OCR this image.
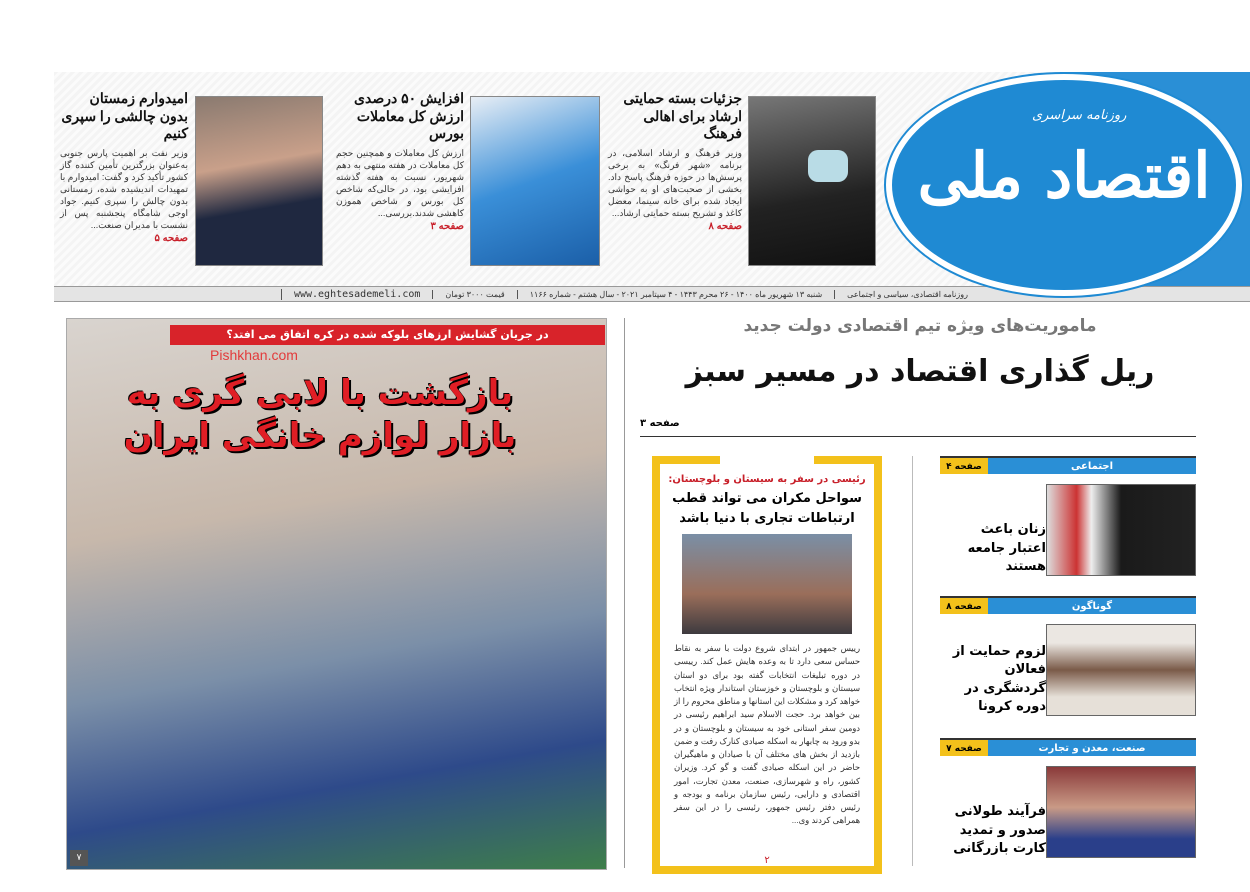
روزنامه سراسری
اقتصاد ملی
جزئیات بسته حمایتی ارشاد برای اهالی فرهنگ

وزیر فرهنگ و ارشاد اسلامی، در برنامه «شهر فرنگ» به برخی پرسش‌ها در حوزه فرهنگ پاسخ داد. بخشی از صحبت‌های او به حواشی ایجاد شده برای خانه سینما، معضل کاغذ و تشریح بسته حمایتی ارشاد...

صفحه ۸
افزایش ۵۰ درصدی ارزش کل معاملات بورس

ارزش کل معاملات و همچنین حجم کل معاملات در هفته منتهی به دهم شهریور، نسبت به هفته گذشته افزایشی بود، در حالی‌که شاخص کل بورس و شاخص هموزن کاهشی شدند.بررسی...

صفحه ۳
امیدوارم زمستان بدون چالشی را سپری کنیم

وزیر نفت بر اهمیت پارس جنوبی به‌عنوان بزرگترین تأمین کننده گاز کشور تأکید کرد و گفت: امیدوارم با تمهیدات اندیشیده شده، زمستانی بدون چالش را سپری کنیم. جواد اوجی شامگاه پنجشنبه پس از نشست با مدیران صنعت...

صفحه ۵
روزنامه اقتصادی، سیاسی و اجتماعی
شنبه ۱۳ شهریور ماه ۱۴۰۰ - ۲۶ محرم ۱۴۴۳ - ۴ سپتامبر ۲۰۲۱ - سال هشتم - شماره ۱۱۶۶
قیمت ۳۰۰۰ تومان
www.eghtesademeli.com
در جریان گشایش ارزهای بلوکه شده در کره اتفاق می افتد؟
Pishkhan.com
بازگشت با لابی گری به بازار لوازم خانگی ایران
۷
ماموریت‌های ویژه تیم اقتصادی دولت جدید
ریل گذاری اقتصاد در مسیر سبز
صفحه ۳
رئیسی در سفر به سیستان و بلوچستان:
سواحل مکران می تواند قطب ارتباطات تجاری با دنیا باشد

رییس جمهور در ابتدای شروع دولت با سفر به نقاط حساس سعی دارد تا به وعده هایش عمل کند. رییسی در دوره تبلیغات انتخابات گفته بود برای دو استان سیستان و بلوچستان و خوزستان استاندار ویژه انتخاب خواهد کرد و مشکلات این استانها و مناطق محروم را از بین خواهد برد. حجت الاسلام سید ابراهیم رئیسی در دومین سفر استانی خود به سیستان و بلوچستان و در بدو ورود به چابهار به اسکله صیادی کنارک رفت و ضمن بازدید از بخش های مختلف آن با صیادان و ماهیگیران حاضر در این اسکله صیادی گفت و گو کرد. وزیران کشور، راه و شهرسازی، صنعت، معدن تجارت، امور اقتصادی و دارایی، رئیس سازمان برنامه و بودجه و رئیس دفتر رئیس جمهور، رئیسی را در این سفر همراهی کردند وی...

۲
اجتماعی
صفحه ۴
زنان باعث اعتبار جامعه هستند
گوناگون
صفحه ۸
لزوم حمایت از فعالان گردشگری در دوره کرونا
صنعت، معدن و تجارت
صفحه ۷
فرآیند طولانی صدور و تمدید کارت بازرگانی
